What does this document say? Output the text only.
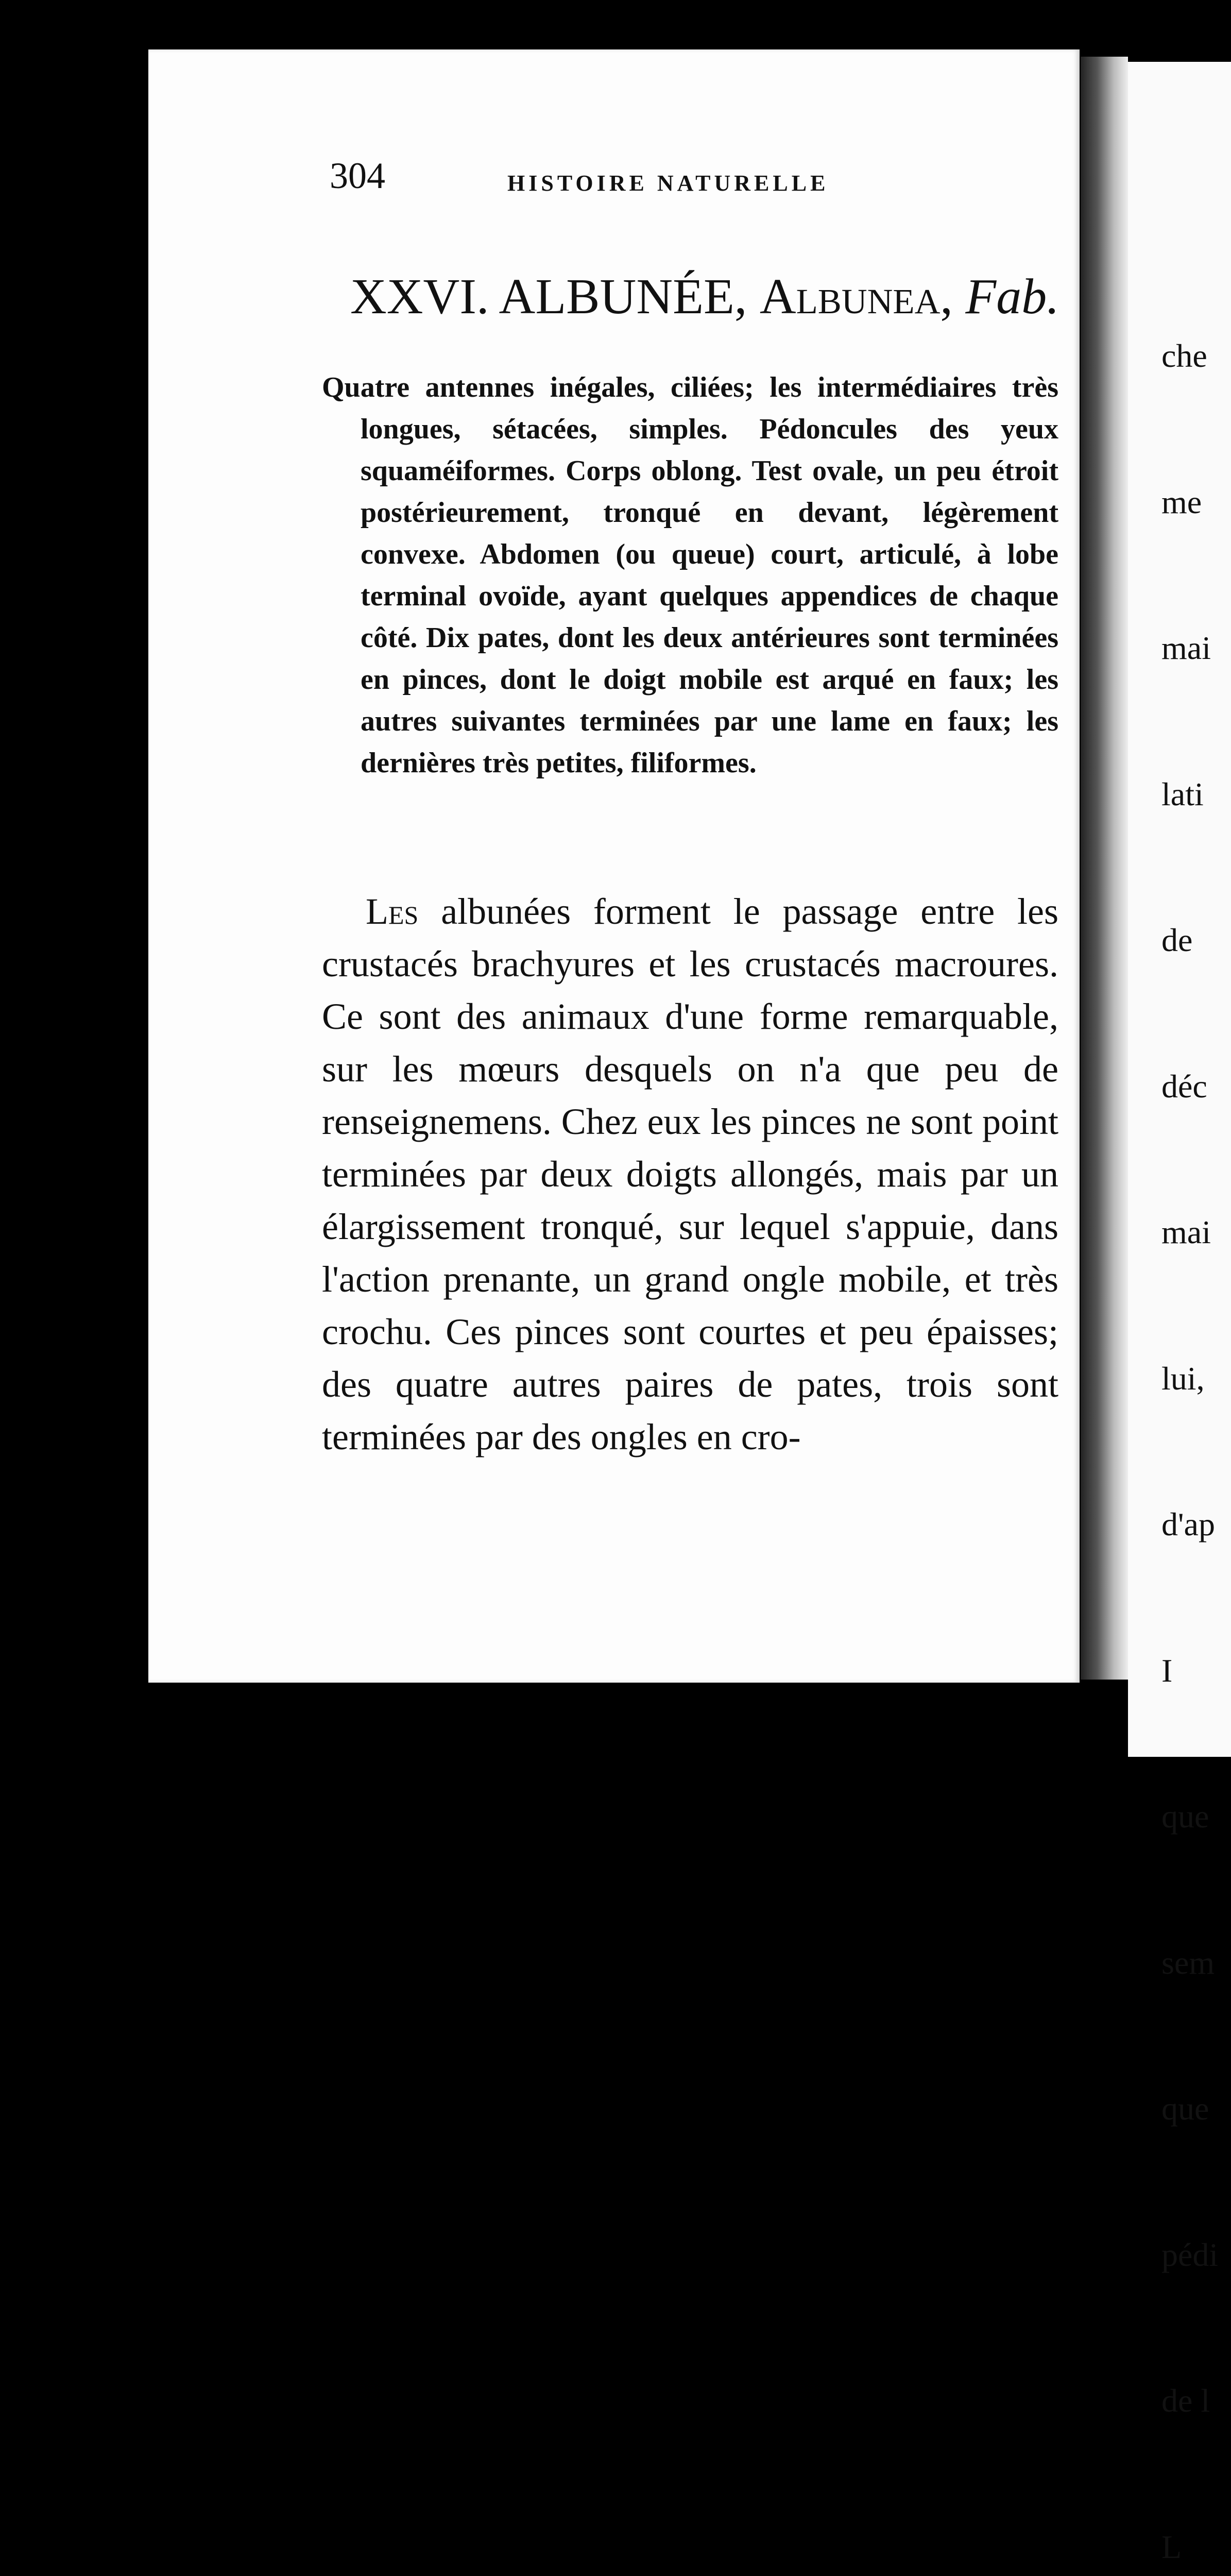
304	HISTOIRE NATURELLE
XXVI. ALBUNÉE, Albunea, Fab.

Quatre antennes inégales, ciliées; les intermédiaires très longues, sétacées, simples. Pédoncules des yeux squaméiformes. Corps oblong. Test ovale, un peu étroit postérieurement, tronqué en devant, légèrement convexe. Abdomen (ou queue) court, articulé, à lobe terminal ovoïde, ayant quelques appendices de chaque côté. Dix pates, dont les deux antérieures sont terminées en pinces, dont le doigt mobile est arqué en faux; les autres suivantes terminées par une lame en faux; les dernières très petites, filiformes.

Les albunées forment le passage entre les crustacés brachyures et les crustacés macroures. Ce sont des animaux d'une forme remarquable, sur les mœurs desquels on n'a que peu de renseignemens. Chez eux les pinces ne sont point terminées par deux doigts allongés, mais par un élargissement tronqué, sur lequel s'appuie, dans l'action prenante, un grand ongle mobile, et très crochu. Ces pinces sont courtes et peu épaisses; des quatre autres paires de pates, trois sont terminées par des ongles en cro-

che

me

mai

lati

de

déc

mai

lui,

d'ap

I

que

sem

que

pédi

de l

L
